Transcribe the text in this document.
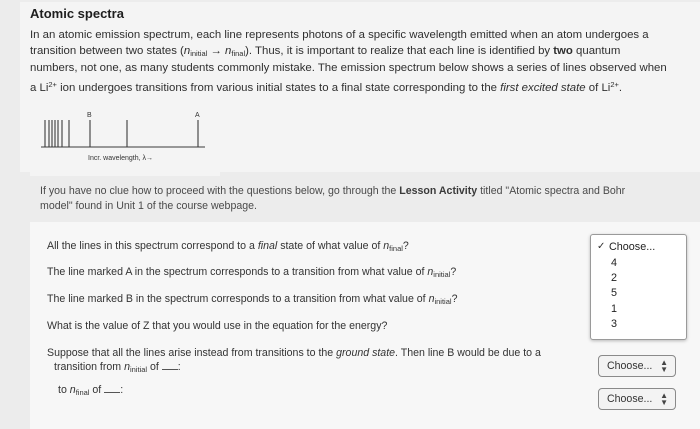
Atomic spectra
In an atomic emission spectrum, each line represents photons of a specific wavelength emitted when an atom undergoes a
transition between two states $(n_{initial} \to n_{final})$. Thus, it is important to realize that each line is identified by two quantum
numbers, not one, as many students commonly mistake. The emission spectrum below shows a series of lines observed when
a $Li^{2+}$ ion undergoes transitions from various initial states to a final state corresponding to the first excited state of $Li^{2+}$.
B	A
Incr. wavelength, λ→
If you have no clue how to proceed with the questions below, go through the Lesson Activity titled "Atomic spectra and Bohr
model" found in Unit 1 of the course webpage.
All the lines in this spectrum correspond to a final state of what value of $n_{final}$?
The line marked A in the spectrum corresponds to a transition from what value of $n_{initial}$?
The line marked B in the spectrum corresponds to a transition from what value of $n_{initial}$?
What is the value of Z that you would use in the equation for the energy?
Suppose that all the lines arise instead from transitions to the ground state. Then line B would be due to a
transition from $n_{initial}$ of :
to $n_{final}$ of :
✓ Choose...
4
2
5
1
3
Choose... ▲
▼
Choose... ▲
▼
